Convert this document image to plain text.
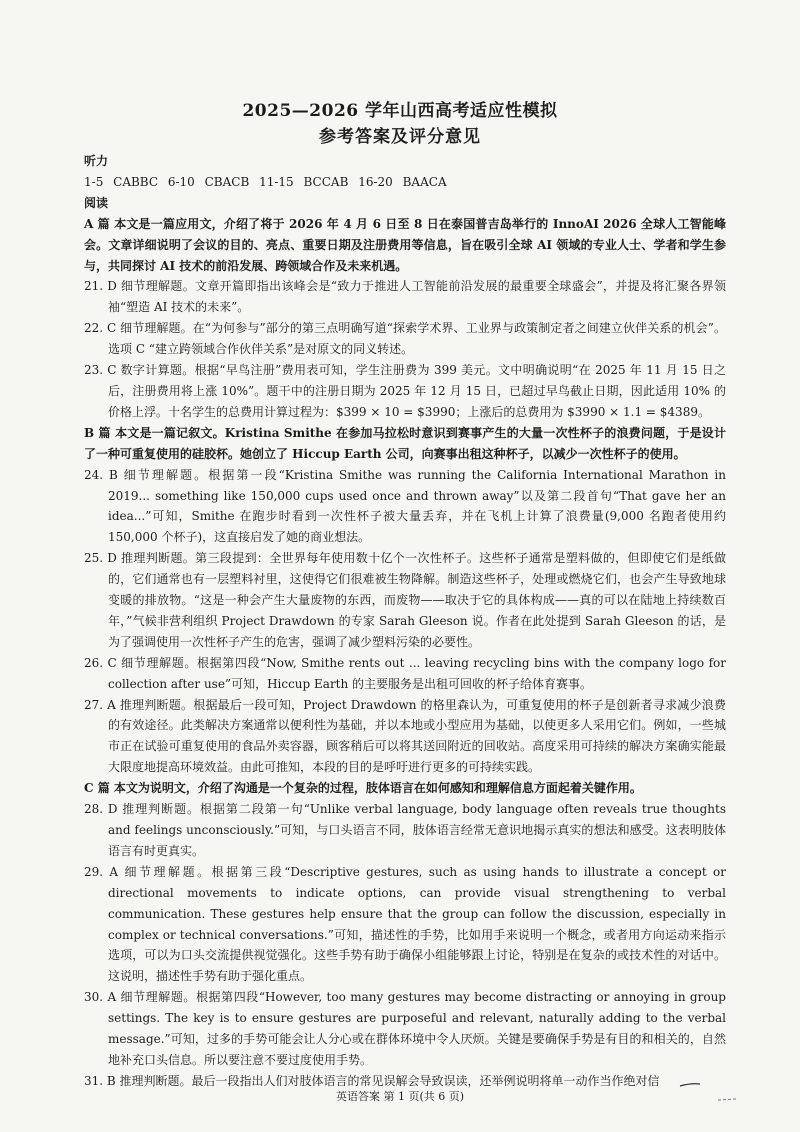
2025—2026 学年山西高考适应性模拟
参考答案及评分意见

听力

1-5 CABBC 6-10 CBACB 11-15 BCCAB 16-20 BAACA

阅读

A 篇 本文是一篇应用文，介绍了将于 2026 年 4 月 6 日至 8 日在泰国普吉岛举行的 InnoAI 2026 全球人工智能峰会。文章详细说明了会议的目的、亮点、重要日期及注册费用等信息，旨在吸引全球 AI 领域的专业人士、学者和学生参与，共同探讨 AI 技术的前沿发展、跨领域合作及未来机遇。

21. D 细节理解题。文章开篇即指出该峰会是“致力于推进人工智能前沿发展的最重要全球盛会”，并提及将汇聚各界领袖“塑造 AI 技术的未来”。

22. C 细节理解题。在“为何参与”部分的第三点明确写道“探索学术界、工业界与政策制定者之间建立伙伴关系的机会”。选项 C “建立跨领域合作伙伴关系”是对原文的同义转述。

23. C 数字计算题。根据“早鸟注册”费用表可知，学生注册费为 399 美元。文中明确说明“在 2025 年 11 月 15 日之后，注册费用将上涨 10%”。题干中的注册日期为 2025 年 12 月 15 日，已超过早鸟截止日期，因此适用 10% 的价格上浮。十名学生的总费用计算过程为：$399 × 10 = $3990；上涨后的总费用为 $3990 × 1.1 = $4389。

B 篇 本文是一篇记叙文。Kristina Smithe 在参加马拉松时意识到赛事产生的大量一次性杯子的浪费问题，于是设计了一种可重复使用的硅胶杯。她创立了 Hiccup Earth 公司，向赛事出租这种杯子，以减少一次性杯子的使用。

24. B 细节理解题。根据第一段“Kristina Smithe was running the California International Marathon in 2019... something like 150,000 cups used once and thrown away”以及第二段首句“That gave her an idea...”可知，Smithe 在跑步时看到一次性杯子被大量丢弃，并在飞机上计算了浪费量(9,000 名跑者使用约 150,000 个杯子)，这直接启发了她的商业想法。

25. D 推理判断题。第三段提到：全世界每年使用数十亿个一次性杯子。这些杯子通常是塑料做的，但即使它们是纸做的，它们通常也有一层塑料衬里，这使得它们很难被生物降解。制造这些杯子，处理或燃烧它们，也会产生导致地球变暖的排放物。“这是一种会产生大量废物的东西，而废物——取决于它的具体构成——真的可以在陆地上持续数百年，”气候非营利组织 Project Drawdown 的专家 Sarah Gleeson 说。作者在此处提到 Sarah Gleeson 的话，是为了强调使用一次性杯子产生的危害，强调了减少塑料污染的必要性。

26. C 细节理解题。根据第四段“Now, Smithe rents out ... leaving recycling bins with the company logo for collection after use”可知，Hiccup Earth 的主要服务是出租可回收的杯子给体育赛事。

27. A 推理判断题。根据最后一段可知，Project Drawdown 的格里森认为，可重复使用的杯子是创新者寻求减少浪费的有效途径。此类解决方案通常以便利性为基础，并以本地或小型应用为基础，以使更多人采用它们。例如，一些城市正在试验可重复使用的食品外卖容器，顾客稍后可以将其送回附近的回收站。高度采用可持续的解决方案确实能最大限度地提高环境效益。由此可推知，本段的目的是呼吁进行更多的可持续实践。

C 篇 本文为说明文，介绍了沟通是一个复杂的过程，肢体语言在如何感知和理解信息方面起着关键作用。

28. D 推理判断题。根据第二段第一句“Unlike verbal language, body language often reveals true thoughts and feelings unconsciously.”可知，与口头语言不同，肢体语言经常无意识地揭示真实的想法和感受。这表明肢体语言有时更真实。

29. A 细节理解题。根据第三段“Descriptive gestures, such as using hands to illustrate a concept or directional movements to indicate options, can provide visual strengthening to verbal communication. These gestures help ensure that the group can follow the discussion, especially in complex or technical conversations.”可知，描述性的手势，比如用手来说明一个概念，或者用方向运动来指示选项，可以为口头交流提供视觉强化。这些手势有助于确保小组能够跟上讨论，特别是在复杂的或技术性的对话中。这说明，描述性手势有助于强化重点。

30. A 细节理解题。根据第四段“However, too many gestures may become distracting or annoying in group settings. The key is to ensure gestures are purposeful and relevant, naturally adding to the verbal message.”可知，过多的手势可能会让人分心或在群体环境中令人厌烦。关键是要确保手势是有目的和相关的，自然地补充口头信息。所以要注意不要过度使用手势。

31. B 推理判断题。最后一段指出人们对肢体语言的常见误解会导致误读，还举例说明将单一动作当作绝对信

英语答案 第 1 页(共 6 页)
